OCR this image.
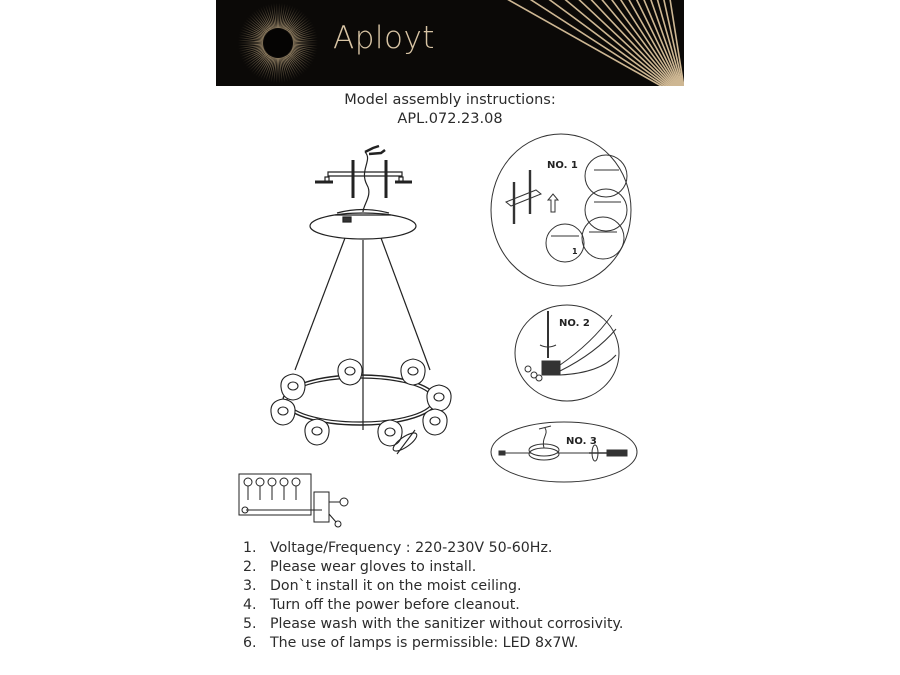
Aployt
Model assembly instructions:
APL.072.23.08
NO. 1
1
NO. 2
NO. 3
1. Voltage/Frequency : 220-230V 50-60Hz.
2. Please wear gloves to install.
3. Don`t install it on the moist ceiling.
4. Turn off the power before cleanout.
5. Please wash with the sanitizer without corrosivity.
6. The use of lamps is permissible: LED 8x7W.
